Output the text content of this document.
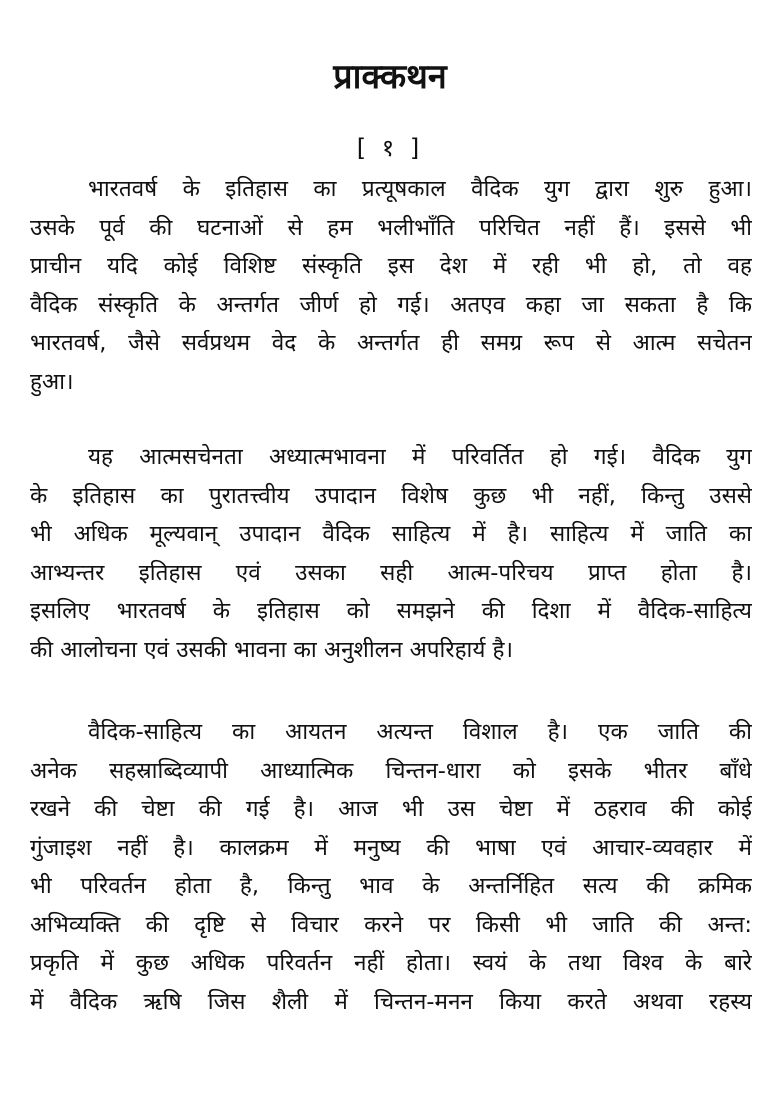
प्राक्कथन
[ १ ]
भारतवर्ष के इतिहास का प्रत्यूषकाल वैदिक युग द्वारा शुरु हुआ।
उसके पूर्व की घटनाओं से हम भलीभाँति परिचित नहीं हैं। इससे भी
प्राचीन यदि कोई विशिष्ट संस्कृति इस देश में रही भी हो, तो वह
वैदिक संस्कृति के अन्तर्गत जीर्ण हो गई। अतएव कहा जा सकता है कि
भारतवर्ष, जैसे सर्वप्रथम वेद के अन्तर्गत ही समग्र रूप से आत्म सचेतन
हुआ।
यह आत्मसचेनता अध्यात्मभावना में परिवर्तित हो गई। वैदिक युग
के इतिहास का पुरातत्त्वीय उपादान विशेष कुछ भी नहीं, किन्तु उससे
भी अधिक मूल्यवान् उपादान वैदिक साहित्य में है। साहित्य में जाति का
आभ्यन्तर इतिहास एवं उसका सही आत्म-परिचय प्राप्त होता है।
इसलिए भारतवर्ष के इतिहास को समझने की दिशा में वैदिक-साहित्य
की आलोचना एवं उसकी भावना का अनुशीलन अपरिहार्य है।
वैदिक-साहित्य का आयतन अत्यन्त विशाल है। एक जाति की
अनेक सहस्राब्दिव्यापी आध्यात्मिक चिन्तन-धारा को इसके भीतर बाँधे
रखने की चेष्टा की गई है। आज भी उस चेष्टा में ठहराव की कोई
गुंजाइश नहीं है। कालक्रम में मनुष्य की भाषा एवं आचार-व्यवहार में
भी परिवर्तन होता है, किन्तु भाव के अन्तर्निहित सत्य की क्रमिक
अभिव्यक्ति की दृष्टि से विचार करने पर किसी भी जाति की अन्त:
प्रकृति में कुछ अधिक परिवर्तन नहीं होता। स्वयं के तथा विश्व के बारे
में वैदिक ऋषि जिस शैली में चिन्तन-मनन किया करते अथवा रहस्य
